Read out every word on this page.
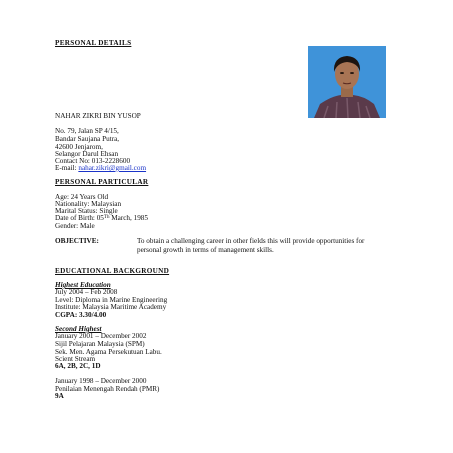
PERSONAL DETAILS
NAHAR ZIKRI BIN YUSOP
No. 79, Jalan SP 4/15,
Bandar Saujana Putra,
42600 Jenjarom,
Selangor Darul Ehsan
Contact No: 013-2228600
E-mail: nahar.zikri@gmail.com
PERSONAL PARTICULAR
Age: 24 Years Old
Nationality: Malaysian
Marital Status: Single
Date of Birth: 05Th March, 1985
Gender: Male
OBJECTIVE:	To obtain a challenging career in other fields this will provide opportunities for personal growth in terms of management skills.
EDUCATIONAL BACKGROUND
Highest Education
July 2004 – Feb 2008
Level: Diploma in Marine Engineering
Institute: Malaysia Maritime Academy
CGPA: 3.30/4.00
Second Highest
January 2001 – December 2002
Sijil Pelajaran Malaysia (SPM)
Sek. Men. Agama Persekutuan Labu.
Scient Stream
6A, 2B, 2C, 1D
January 1998 – December 2000
Penilaian Menengah Rendah (PMR)
9A
